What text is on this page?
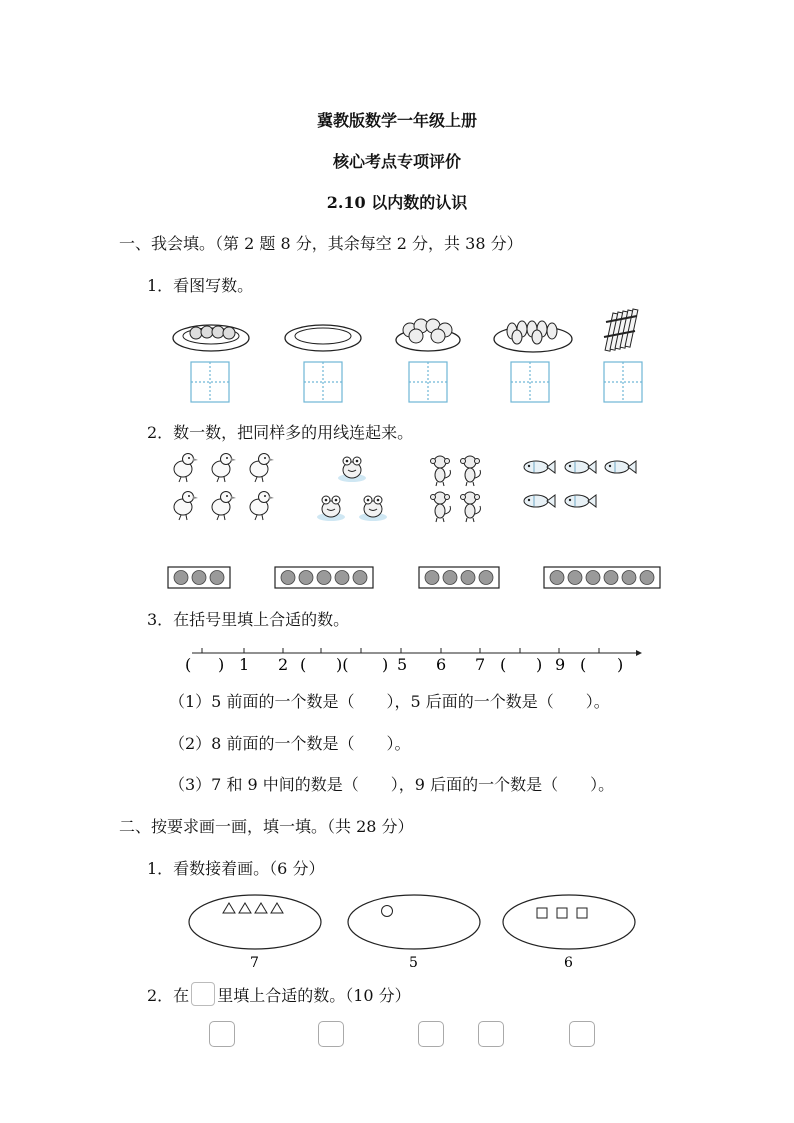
冀教版数学一年级上册
核心考点专项评价
2.10 以内数的认识
一、我会填。（第 2 题 8 分，其余每空 2 分，共 38 分）
1．看图写数。
2．数一数，把同样多的用线连起来。
3．在括号里填上合适的数。
( ) 1 2 ( )( ) 5 6 7 ( ) 9 ( )
（1）5 前面的一个数是（　　），5 后面的一个数是（　　）。
（2）8 前面的一个数是（　　）。
（3）7 和 9 中间的数是（　　），9 后面的一个数是（　　）。
二、按要求画一画，填一填。（共 28 分）
1．看数接着画。（6 分）
7	5	6
2．在 里填上合适的数。（10 分）
